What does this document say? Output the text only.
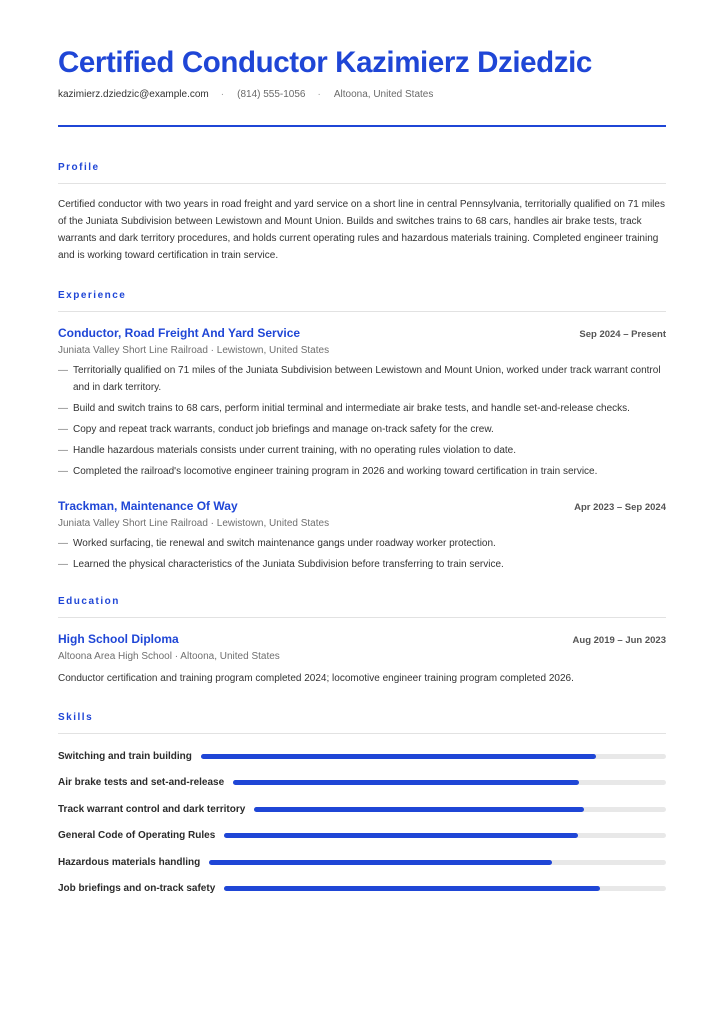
Certified Conductor Kazimierz Dziedzic
kazimierz.dziedzic@example.com · (814) 555-1056 · Altoona, United States
Profile
Certified conductor with two years in road freight and yard service on a short line in central Pennsylvania, territorially qualified on 71 miles of the Juniata Subdivision between Lewistown and Mount Union. Builds and switches trains to 68 cars, handles air brake tests, track warrants and dark territory procedures, and holds current operating rules and hazardous materials training. Completed engineer training and is working toward certification in train service.
Experience
Conductor, Road Freight And Yard Service	Sep 2024 – Present
Juniata Valley Short Line Railroad · Lewistown, United States
— Territorially qualified on 71 miles of the Juniata Subdivision between Lewistown and Mount Union, worked under track warrant control and in dark territory.
— Build and switch trains to 68 cars, perform initial terminal and intermediate air brake tests, and handle set-and-release checks.
— Copy and repeat track warrants, conduct job briefings and manage on-track safety for the crew.
— Handle hazardous materials consists under current training, with no operating rules violation to date.
— Completed the railroad's locomotive engineer training program in 2026 and working toward certification in train service.
Trackman, Maintenance Of Way	Apr 2023 – Sep 2024
Juniata Valley Short Line Railroad · Lewistown, United States
— Worked surfacing, tie renewal and switch maintenance gangs under roadway worker protection.
— Learned the physical characteristics of the Juniata Subdivision before transferring to train service.
Education
High School Diploma	Aug 2019 – Jun 2023
Altoona Area High School · Altoona, United States
Conductor certification and training program completed 2024; locomotive engineer training program completed 2026.
Skills
Switching and train building
Air brake tests and set-and-release
Track warrant control and dark territory
General Code of Operating Rules
Hazardous materials handling
Job briefings and on-track safety
